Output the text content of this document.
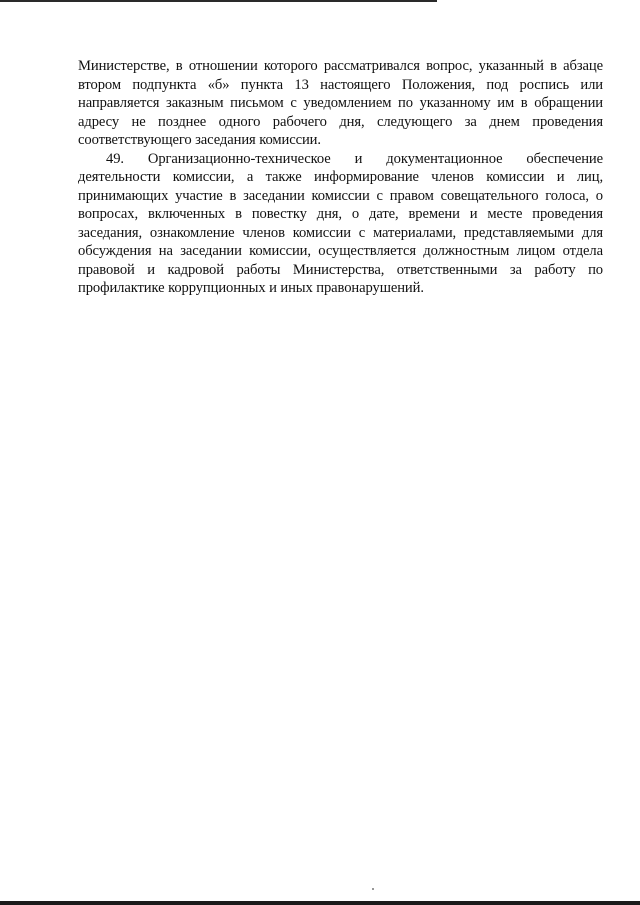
Министерстве, в отношении которого рассматривался вопрос, указанный в абзаце втором подпункта «б» пункта 13 настоящего Положения, под роспись или направляется заказным письмом с уведомлением по указанному им в обращении адресу не позднее одного рабочего дня, следующего за днем проведения соответствующего заседания комиссии.

49. Организационно-техническое и документационное обеспечение деятельности комиссии, а также информирование членов комиссии и лиц, принимающих участие в заседании комиссии с правом совещательного голоса, о вопросах, включенных в повестку дня, о дате, времени и месте проведения заседания, ознакомление членов комиссии с материалами, представляемыми для обсуждения на заседании комиссии, осуществляется должностным лицом отдела правовой и кадровой работы Министерства, ответственными за работу по профилактике коррупционных и иных правонарушений.
